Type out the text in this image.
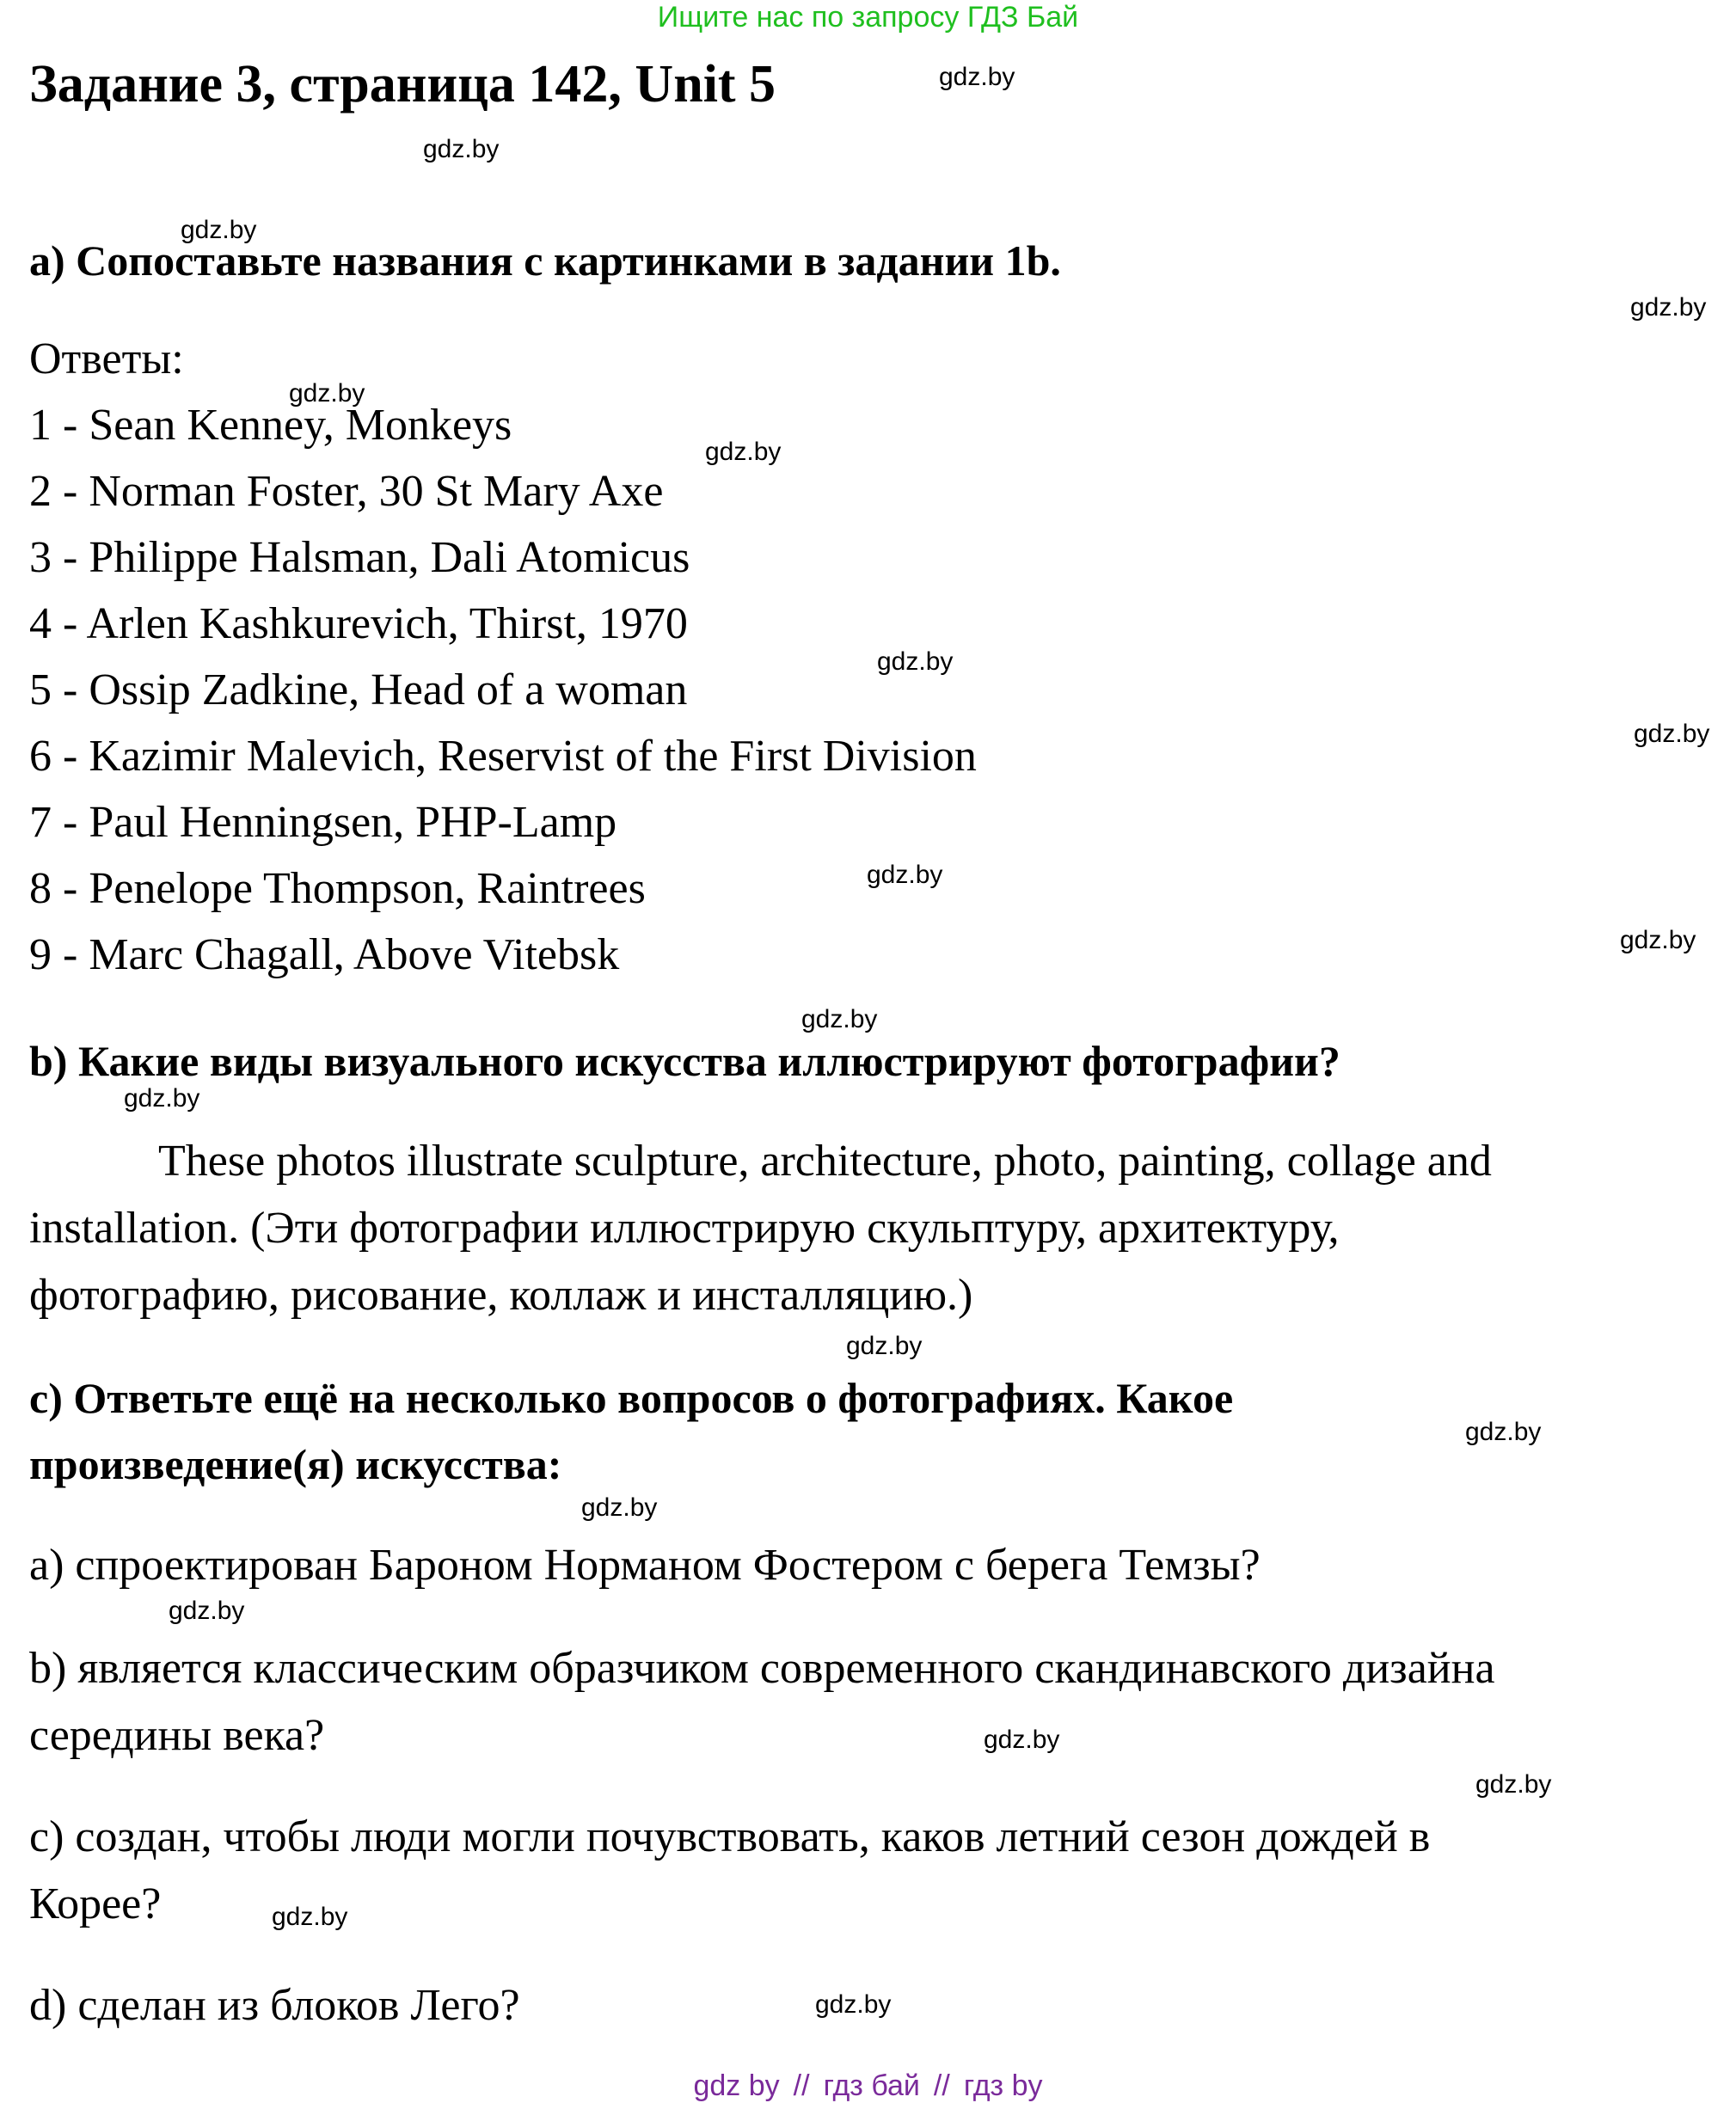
Ищите нас по запросу ГДЗ Бай
Задание 3, страница 142, Unit 5
a) Сопоставьте названия с картинками в задании 1b.
Ответы:
1 - Sean Kenney, Monkeys
2 - Norman Foster, 30 St Mary Axe
3 - Philippe Halsman, Dali Atomicus
4 - Arlen Kashkurevich, Thirst, 1970
5 - Ossip Zadkine, Head of a woman
6 - Kazimir Malevich, Reservist of the First Division
7 - Paul Henningsen, PHP-Lamp
8 - Penelope Thompson, Raintrees
9 - Marc Chagall, Above Vitebsk
b) Какие виды визуального искусства иллюстрируют фотографии?
These photos illustrate sculpture, architecture, photo, painting, collage and
installation. (Эти фотографии иллюстрирую скульптуру, архитектуру,
фотографию, рисование, коллаж и инсталляцию.)
c) Ответьте ещё на несколько вопросов о фотографиях. Какое
произведение(я) искусства:
a) спроектирован Бароном Норманом Фостером с берега Темзы?
b) является классическим образчиком современного скандинавского дизайна
середины века?
c) создан, чтобы люди могли почувствовать, каков летний сезон дождей в
Корее?
d) сделан из блоков Лего?
gdz.by
gdz.by
gdz.by
gdz.by
gdz.by
gdz.by
gdz.by
gdz.by
gdz.by
gdz.by
gdz.by
gdz.by
gdz.by
gdz.by
gdz.by
gdz.by
gdz.by
gdz.by
gdz.by
gdz.by
gdz by // гдз бай // гдз by
